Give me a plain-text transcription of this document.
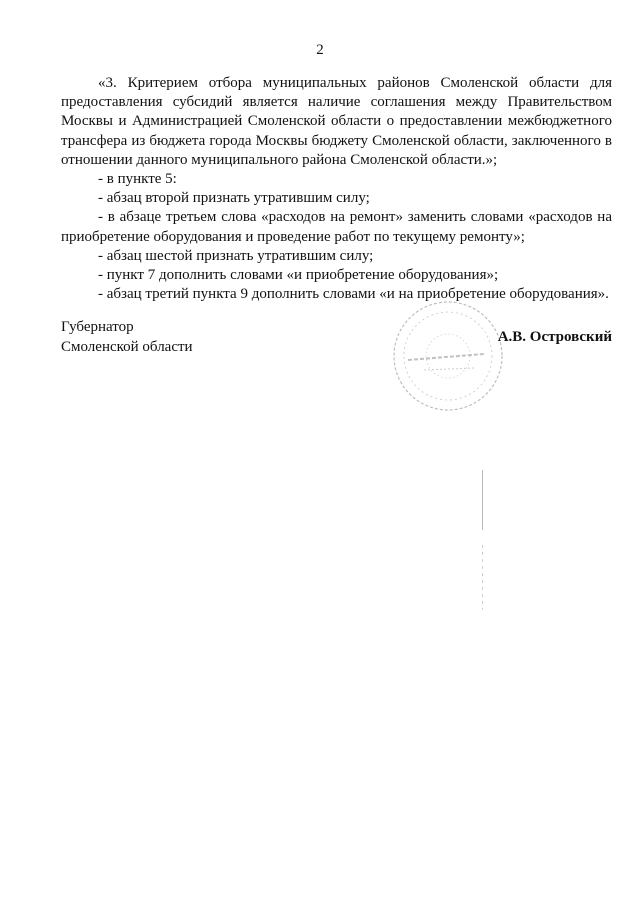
2

«3. Критерием отбора муниципальных районов Смоленской области для предоставления субсидий является наличие соглашения между Правительством Москвы и Администрацией Смоленской области о предоставлении межбюджетного трансфера из бюджета города Москвы бюджету Смоленской области, заключенного в отношении данного муниципального района Смоленской области.»;

- в пункте 5:

- абзац второй признать утратившим силу;

- в абзаце третьем слова «расходов на ремонт» заменить словами «расходов на приобретение оборудования и проведение работ по текущему ремонту»;

- абзац шестой признать утратившим силу;

- пункт 7 дополнить словами «и приобретение оборудования»;

- абзац третий пункта 9 дополнить словами «и на приобретение оборудования».

Губернатор
Смоленской области
А.В. Островский
